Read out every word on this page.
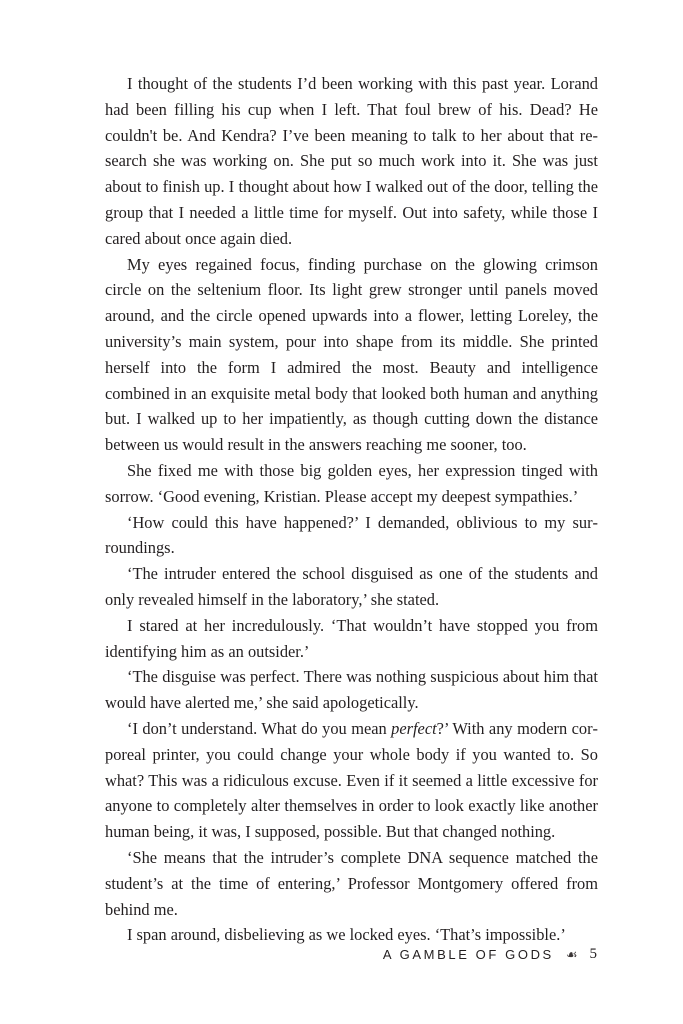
I thought of the students I’d been working with this past year. Lorand had been filling his cup when I left. That foul brew of his. Dead? He couldn't be. And Kendra? I’ve been meaning to talk to her about that research she was working on. She put so much work into it. She was just about to finish up. I thought about how I walked out of the door, telling the group that I needed a little time for myself. Out into safety, while those I cared about once again died.

My eyes regained focus, finding purchase on the glowing crimson circle on the seltenium floor. Its light grew stronger until panels moved around, and the circle opened upwards into a flower, letting Loreley, the university’s main system, pour into shape from its middle. She printed herself into the form I admired the most. Beauty and intelligence combined in an exquisite metal body that looked both human and anything but. I walked up to her impatiently, as though cutting down the distance between us would result in the answers reaching me sooner, too.

She fixed me with those big golden eyes, her expression tinged with sorrow. ‘Good evening, Kristian. Please accept my deepest sympathies.’

‘How could this have happened?’ I demanded, oblivious to my surroundings.

‘The intruder entered the school disguised as one of the students and only revealed himself in the laboratory,’ she stated.

I stared at her incredulously. ‘That wouldn’t have stopped you from identifying him as an outsider.’

‘The disguise was perfect. There was nothing suspicious about him that would have alerted me,’ she said apologetically.

‘I don’t understand. What do you mean perfect?’ With any modern corporeal printer, you could change your whole body if you wanted to. So what? This was a ridiculous excuse. Even if it seemed a little excessive for anyone to completely alter themselves in order to look exactly like another human being, it was, I supposed, possible. But that changed nothing.

‘She means that the intruder’s complete DNA sequence matched the student’s at the time of entering,’ Professor Montgomery offered from behind me.

I span around, disbelieving as we locked eyes. ‘That’s impossible.’

A GAMBLE OF GODS ☙ 5
